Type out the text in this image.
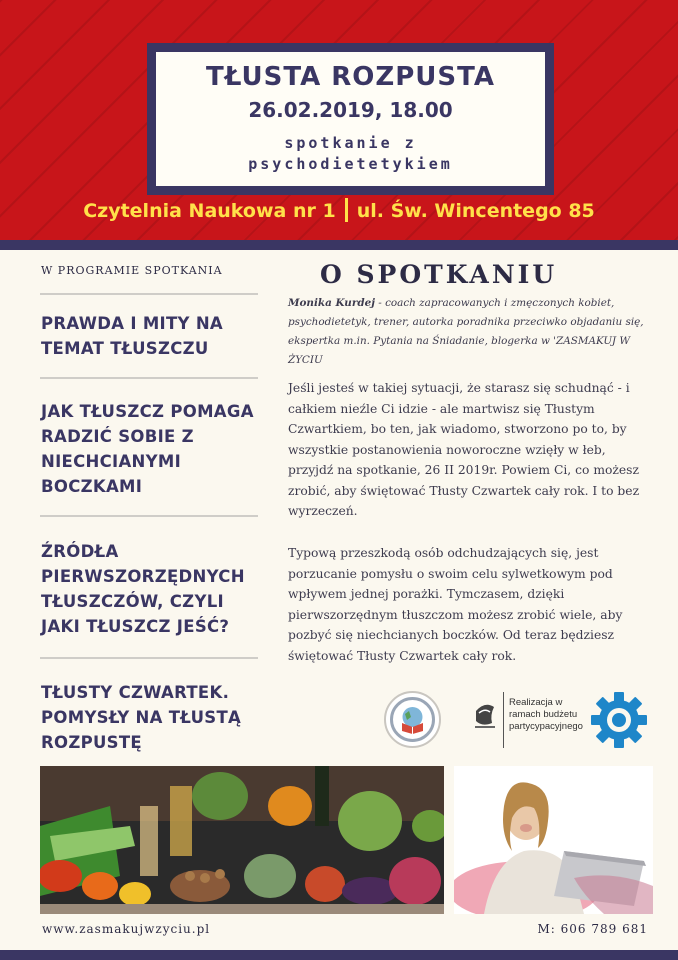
TŁUSTA ROZPUSTA
26.02.2019, 18.00
spotkanie z psychodietetykiem
Czytelnia Naukowa nr 1 ul. Św. Wincentego 85
W PROGRAMIE SPOTKANIA
PRAWDA I MITY NA TEMAT TŁUSZCZU
JAK TŁUSZCZ POMAGA RADZIĆ SOBIE Z NIECHCIANYMI BOCZKAMI
ŹRÓDŁA PIERWSZORZĘDNYCH TŁUSZCZÓW, CZYLI JAKI TŁUSZCZ JEŚĆ?
TŁUSTY CZWARTEK. POMYSŁY NA TŁUSTĄ ROZPUSTĘ
O SPOTKANIU
Monika Kurdej - coach zapracowanych i zmęczonych kobiet, psychodietetyk, trener, autorka poradnika przeciwko objadaniu się, ekspertka m.in. Pytania na Śniadanie, blogerka w 'ZASMAKUJ W ŻYCIU
Jeśli jesteś w takiej sytuacji, że starasz się schudnąć - i całkiem nieźle Ci idzie - ale martwisz się Tłustym Czwartkiem, bo ten, jak wiadomo, stworzono po to, by wszystkie postanowienia noworoczne wzięły w łeb, przyjdź na spotkanie, 26 II 2019r. Powiem Ci, co możesz zrobić, aby świętować Tłusty Czwartek cały rok. I to bez wyrzeczeń.
Typową przeszkodą osób odchudzających się, jest porzucanie pomysłu o swoim celu sylwetkowym pod wpływem jednej porażki. Tymczasem, dzięki pierwszorzędnym tłuszczom możesz zrobić wiele, aby pozbyć się niechcianych boczków. Od teraz będziesz świętować Tłusty Czwartek cały rok.
Realizacja w ramach budżetu partycypacyjnego
www.zasmakujwzyciu.pl	M: 606 789 681
